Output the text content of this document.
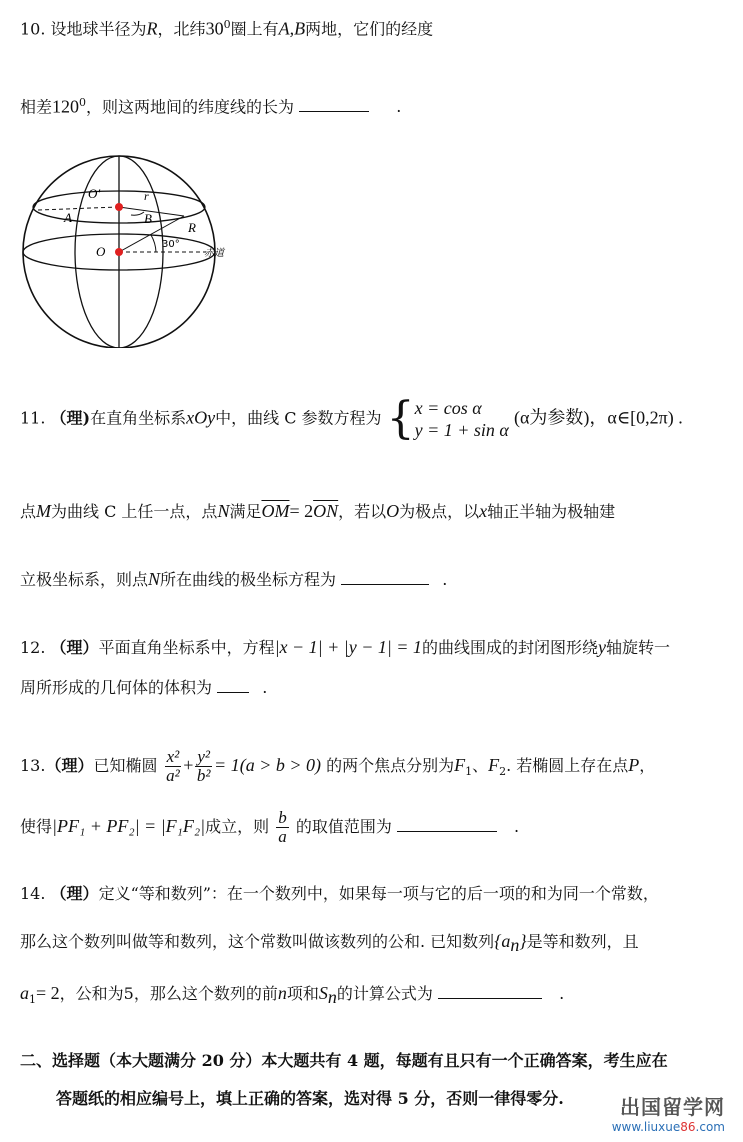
10. 设地球半径为R，北纬$30^0$圈上有A,B两地，它们的经度
相差$120^0$，则这两地间的纬度线的长为	.
O'	r
A	B
R
O	30°
赤道
11. （理)在直角坐标系xOy中，曲线 C 参数方程为 { x = cos α
y = 1 + sin α
(α为参数)，α∈[0,2π) .
点M为曲线 C 上任一点，点N满足$\overline{OM}= 2\overline{ON}$，若以O为极点，以x轴正半轴为极轴建
立极坐标系，则点N所在曲线的极坐标方程为	.
12. （理）平面直角坐标系中，方程|x − 1| + |y − 1| = 1的曲线围成的封闭图形绕y轴旋转一
周所形成的几何体的体积为	.
13.（理）已知椭圆 $\frac{\text{x²}}{\text{a²}} + \frac{\text{y²}}{\text{b²}} = 1(a > b > 0)$ 的两个焦点分别为$F_1$、$F_2$. 若椭圆上存在点P，
使得|PF₁ + PF₂| = |F₁F₂|成立，则 $\frac{b}{a}$ 的取值范围为	.
14. （理）定义“等和数列”：在一个数列中，如果每一项与它的后一项的和为同一个常数，
那么这个数列叫做等和数列，这个常数叫做该数列的公和. 已知数列$\{a_n\}$是等和数列，且
$a_1= 2$，公和为5，那么这个数列的前n项和$S_n$的计算公式为	.
二、选择题（本大题满分 20 分）本大题共有 4 题，每题有且只有一个正确答案，考生应在
答题纸的相应编号上，填上正确的答案，选对得 5 分，否则一律得零分.	出国留学网
www.liuxue86.com
